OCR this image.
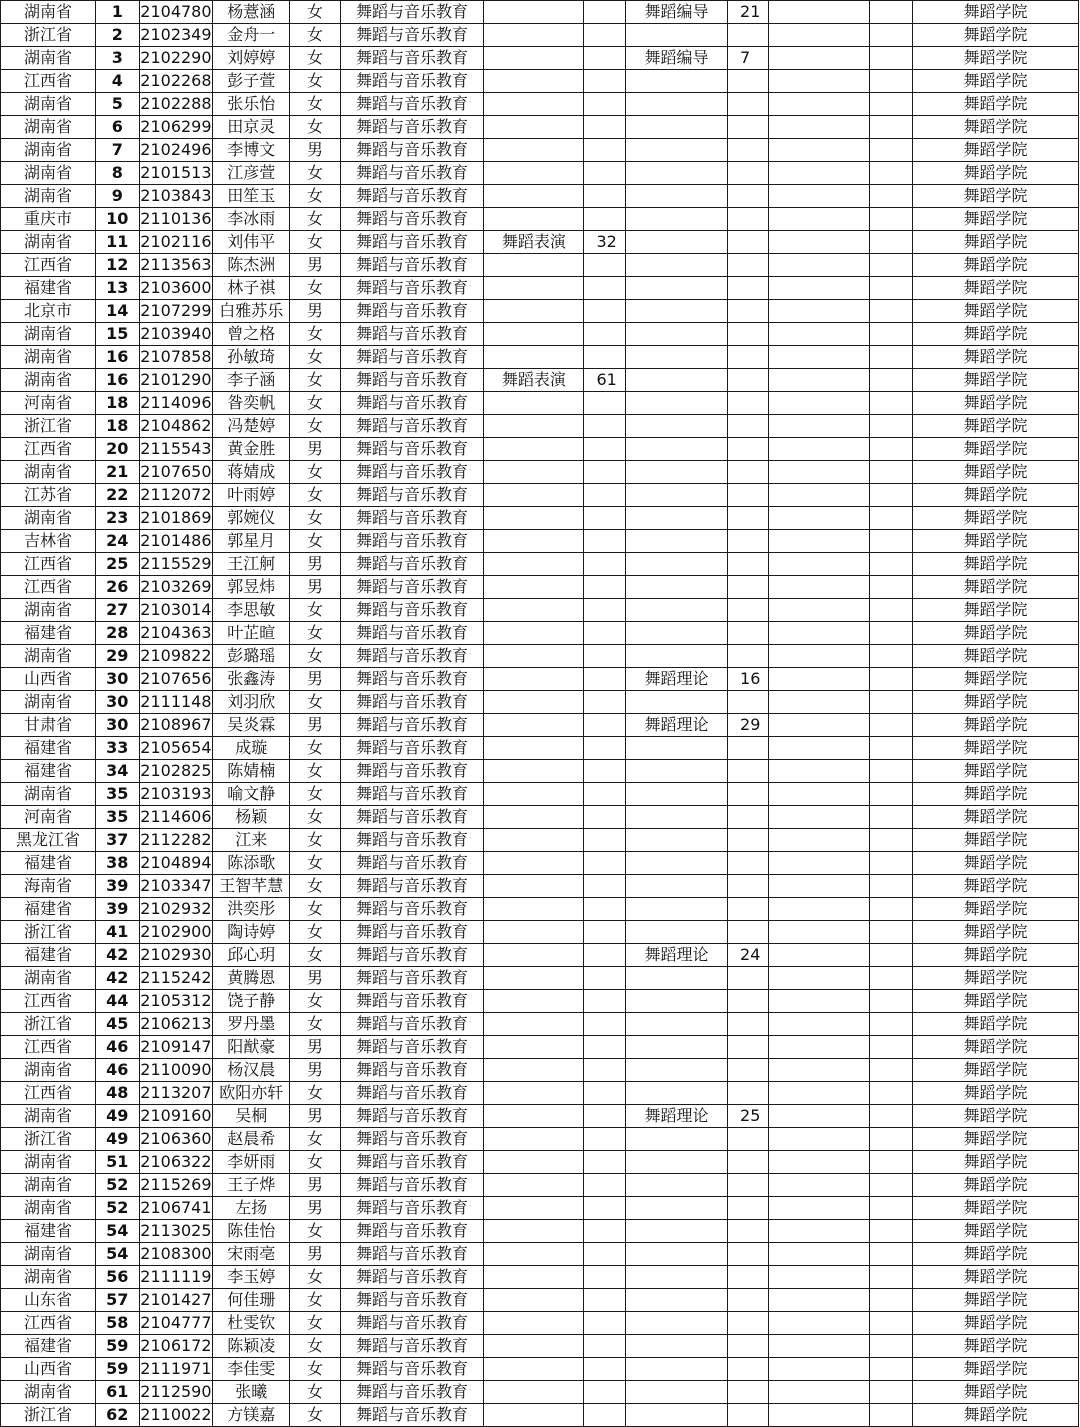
湖南省	1	2104780	杨薏涵	女	舞蹈与音乐教育			舞蹈编导	21			舞蹈学院
浙江省	2	2102349	金舟一	女	舞蹈与音乐教育							舞蹈学院
湖南省	3	2102290	刘婷婷	女	舞蹈与音乐教育			舞蹈编导	7			舞蹈学院
江西省	4	2102268	彭子萱	女	舞蹈与音乐教育							舞蹈学院
湖南省	5	2102288	张乐怡	女	舞蹈与音乐教育							舞蹈学院
湖南省	6	2106299	田京灵	女	舞蹈与音乐教育							舞蹈学院
湖南省	7	2102496	李博文	男	舞蹈与音乐教育							舞蹈学院
湖南省	8	2101513	江彦萱	女	舞蹈与音乐教育							舞蹈学院
湖南省	9	2103843	田笙玉	女	舞蹈与音乐教育							舞蹈学院
重庆市	10	2110136	李冰雨	女	舞蹈与音乐教育							舞蹈学院
湖南省	11	2102116	刘伟平	女	舞蹈与音乐教育	舞蹈表演	32					舞蹈学院
江西省	12	2113563	陈杰洲	男	舞蹈与音乐教育							舞蹈学院
福建省	13	2103600	林子祺	女	舞蹈与音乐教育							舞蹈学院
北京市	14	2107299	白雅苏乐	男	舞蹈与音乐教育							舞蹈学院
湖南省	15	2103940	曾之格	女	舞蹈与音乐教育							舞蹈学院
湖南省	16	2107858	孙敏琦	女	舞蹈与音乐教育							舞蹈学院
湖南省	16	2101290	李子涵	女	舞蹈与音乐教育	舞蹈表演	61					舞蹈学院
河南省	18	2114096	昝奕帆	女	舞蹈与音乐教育							舞蹈学院
浙江省	18	2104862	冯楚婷	女	舞蹈与音乐教育							舞蹈学院
江西省	20	2115543	黄金胜	男	舞蹈与音乐教育							舞蹈学院
湖南省	21	2107650	蒋婧成	女	舞蹈与音乐教育							舞蹈学院
江苏省	22	2112072	叶雨婷	女	舞蹈与音乐教育							舞蹈学院
湖南省	23	2101869	郭婉仪	女	舞蹈与音乐教育							舞蹈学院
吉林省	24	2101486	郭星月	女	舞蹈与音乐教育							舞蹈学院
江西省	25	2115529	王江舸	男	舞蹈与音乐教育							舞蹈学院
江西省	26	2103269	郭昱炜	男	舞蹈与音乐教育							舞蹈学院
湖南省	27	2103014	李思敏	女	舞蹈与音乐教育							舞蹈学院
福建省	28	2104363	叶芷暄	女	舞蹈与音乐教育							舞蹈学院
湖南省	29	2109822	彭璐瑶	女	舞蹈与音乐教育							舞蹈学院
山西省	30	2107656	张鑫涛	男	舞蹈与音乐教育			舞蹈理论	16			舞蹈学院
湖南省	30	2111148	刘羽欣	女	舞蹈与音乐教育							舞蹈学院
甘肃省	30	2108967	吴炎霖	男	舞蹈与音乐教育			舞蹈理论	29			舞蹈学院
福建省	33	2105654	成璇	女	舞蹈与音乐教育							舞蹈学院
福建省	34	2102825	陈婧楠	女	舞蹈与音乐教育							舞蹈学院
湖南省	35	2103193	喻文静	女	舞蹈与音乐教育							舞蹈学院
河南省	35	2114606	杨颖	女	舞蹈与音乐教育							舞蹈学院
黑龙江省	37	2112282	江来	女	舞蹈与音乐教育							舞蹈学院
福建省	38	2104894	陈添歌	女	舞蹈与音乐教育							舞蹈学院
海南省	39	2103347	王智芊慧	女	舞蹈与音乐教育							舞蹈学院
福建省	39	2102932	洪奕彤	女	舞蹈与音乐教育							舞蹈学院
浙江省	41	2102900	陶诗婷	女	舞蹈与音乐教育							舞蹈学院
福建省	42	2102930	邱心玥	女	舞蹈与音乐教育			舞蹈理论	24			舞蹈学院
湖南省	42	2115242	黄腾恩	男	舞蹈与音乐教育							舞蹈学院
江西省	44	2105312	饶子静	女	舞蹈与音乐教育							舞蹈学院
浙江省	45	2106213	罗丹墨	女	舞蹈与音乐教育							舞蹈学院
江西省	46	2109147	阳猷豪	男	舞蹈与音乐教育							舞蹈学院
湖南省	46	2110090	杨汉晨	男	舞蹈与音乐教育							舞蹈学院
江西省	48	2113207	欧阳亦轩	女	舞蹈与音乐教育							舞蹈学院
湖南省	49	2109160	吴桐	男	舞蹈与音乐教育			舞蹈理论	25			舞蹈学院
浙江省	49	2106360	赵晨希	女	舞蹈与音乐教育							舞蹈学院
湖南省	51	2106322	李妍雨	女	舞蹈与音乐教育							舞蹈学院
湖南省	52	2115269	王子烨	男	舞蹈与音乐教育							舞蹈学院
湖南省	52	2106741	左扬	男	舞蹈与音乐教育							舞蹈学院
福建省	54	2113025	陈佳怡	女	舞蹈与音乐教育							舞蹈学院
湖南省	54	2108300	宋雨亳	男	舞蹈与音乐教育							舞蹈学院
湖南省	56	2111119	李玉婷	女	舞蹈与音乐教育							舞蹈学院
山东省	57	2101427	何佳珊	女	舞蹈与音乐教育							舞蹈学院
江西省	58	2104777	杜雯钦	女	舞蹈与音乐教育							舞蹈学院
福建省	59	2106172	陈颖凌	女	舞蹈与音乐教育							舞蹈学院
山西省	59	2111971	李佳雯	女	舞蹈与音乐教育							舞蹈学院
湖南省	61	2112590	张曦	女	舞蹈与音乐教育							舞蹈学院
浙江省	62	2110022	方镁嘉	女	舞蹈与音乐教育							舞蹈学院
